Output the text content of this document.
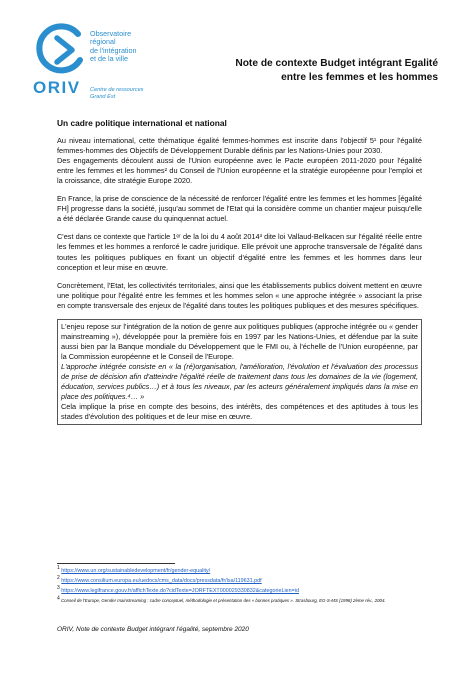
ORIV
Observatoire
régional
de l'intégration
et de la ville
Centre de ressources
Grand Est
Note de contexte Budget intégrant Egalité
entre les femmes et les hommes
Un cadre politique international et national
Au niveau international, cette thématique égalité femmes-hommes est inscrite dans l'objectif 5¹ pour l'égalité femmes-hommes des Objectifs de Développement Durable définis par les Nations-Unies pour 2030.
Des engagements découlent aussi de l'Union européenne avec le Pacte européen 2011-2020 pour l'égalité entre les femmes et les hommes² du Conseil de l'Union européenne et la stratégie européenne pour l'emploi et la croissance, dite stratégie Europe 2020.
En France, la prise de conscience de la nécessité de renforcer l'égalité entre les femmes et les hommes [égalité FH] progresse dans la société, jusqu'au sommet de l'Etat qui la considère comme un chantier majeur puisqu'elle a été déclarée Grande cause du quinquennat actuel.
C'est dans ce contexte que l'article 1ᵉʳ de la loi du 4 août 2014³ dite loi Vallaud-Belkacen sur l'égalité réelle entre les femmes et les hommes a renforcé le cadre juridique. Elle prévoit une approche transversale de l'égalité dans toutes les politiques publiques en fixant un objectif d'égalité entre les femmes et les hommes dans leur conception et leur mise en œuvre.
Concrètement, l'Etat, les collectivités territoriales, ainsi que les établissements publics doivent mettent en œuvre une politique pour l'égalité entre les femmes et les hommes selon « une approche intégrée » associant la prise en compte transversale des enjeux de l'égalité dans toutes les politiques publiques et des mesures spécifiques.
L'enjeu repose sur l'intégration de la notion de genre aux politiques publiques (approche intégrée ou « gender mainstreaming »), développée pour la première fois en 1997 par les Nations-Unies, et défendue par la suite aussi bien par la Banque mondiale du Développement que le FMI ou, à l'échelle de l'Union européenne, par la Commission européenne et le Conseil de l'Europe.
L'approche intégrée consiste en « la (ré)organisation, l'amélioration, l'évolution et l'évaluation des processus de prise de décision afin d'atteindre l'égalité réelle de traitement dans tous les domaines de la vie (logement, éducation, services publics…) et à tous les niveaux, par les acteurs généralement impliqués dans la mise en place des politiques.⁴… »
Cela implique la prise en compte des besoins, des intérêts, des compétences et des aptitudes à tous les stades d'évolution des politiques et de leur mise en œuvre.
$^1$ https://www.un.org/sustainabledevelopment/fr/gender-equality/
$^2$ https://www.consilium.europa.eu/uedocs/cms_data/docs/pressdata/fr/lsa/119631.pdf
$^3$ https://www.legifrance.gouv.fr/affichTexte.do?cidTexte=JORFTEXT000029330832&categorieLien=id
$^4$ Conseil de l'Europe, Gender mainstreaming : cadre conceptuel, méthodologie et présentation des « bonnes pratiques ». Strasbourg, EG-S-MS (1998) 2ème rév., 2004.
ORIV, Note de contexte Budget intégrant l'égalité, septembre 2020
